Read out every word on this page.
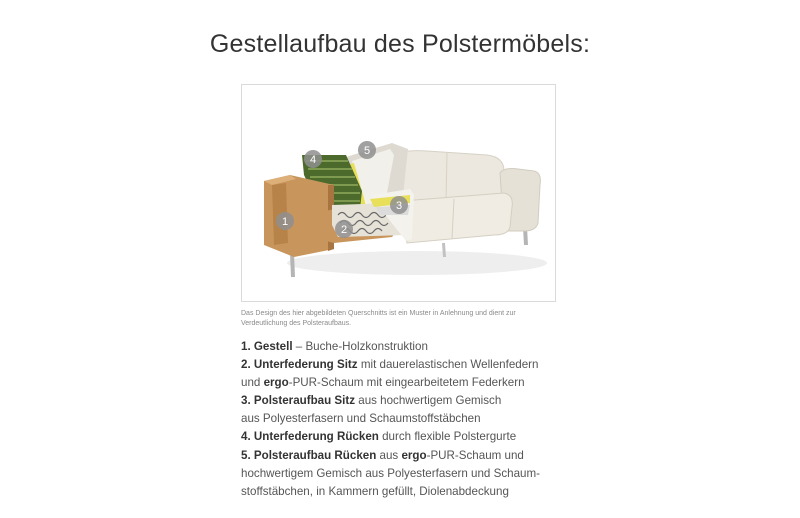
Gestellaufbau des Polstermöbels:
1
2
3
4
5
Das Design des hier abgebildeten Querschnitts ist ein Muster in Anlehnung und dient zur
Verdeutlichung des Polsteraufbaus.
1. Gestell – Buche-Holzkonstruktion
2. Unterfederung Sitz mit dauerelastischen Wellenfedern
und ergo-PUR-Schaum mit eingearbeitetem Federkern
3. Polsteraufbau Sitz aus hochwertigem Gemisch
aus Polyesterfasern und Schaumstoffstäbchen
4. Unterfederung Rücken durch flexible Polstergurte
5. Polsteraufbau Rücken aus ergo-PUR-Schaum und
hochwertigem Gemisch aus Polyesterfasern und Schaum-
stoffstäbchen, in Kammern gefüllt, Diolenabdeckung
